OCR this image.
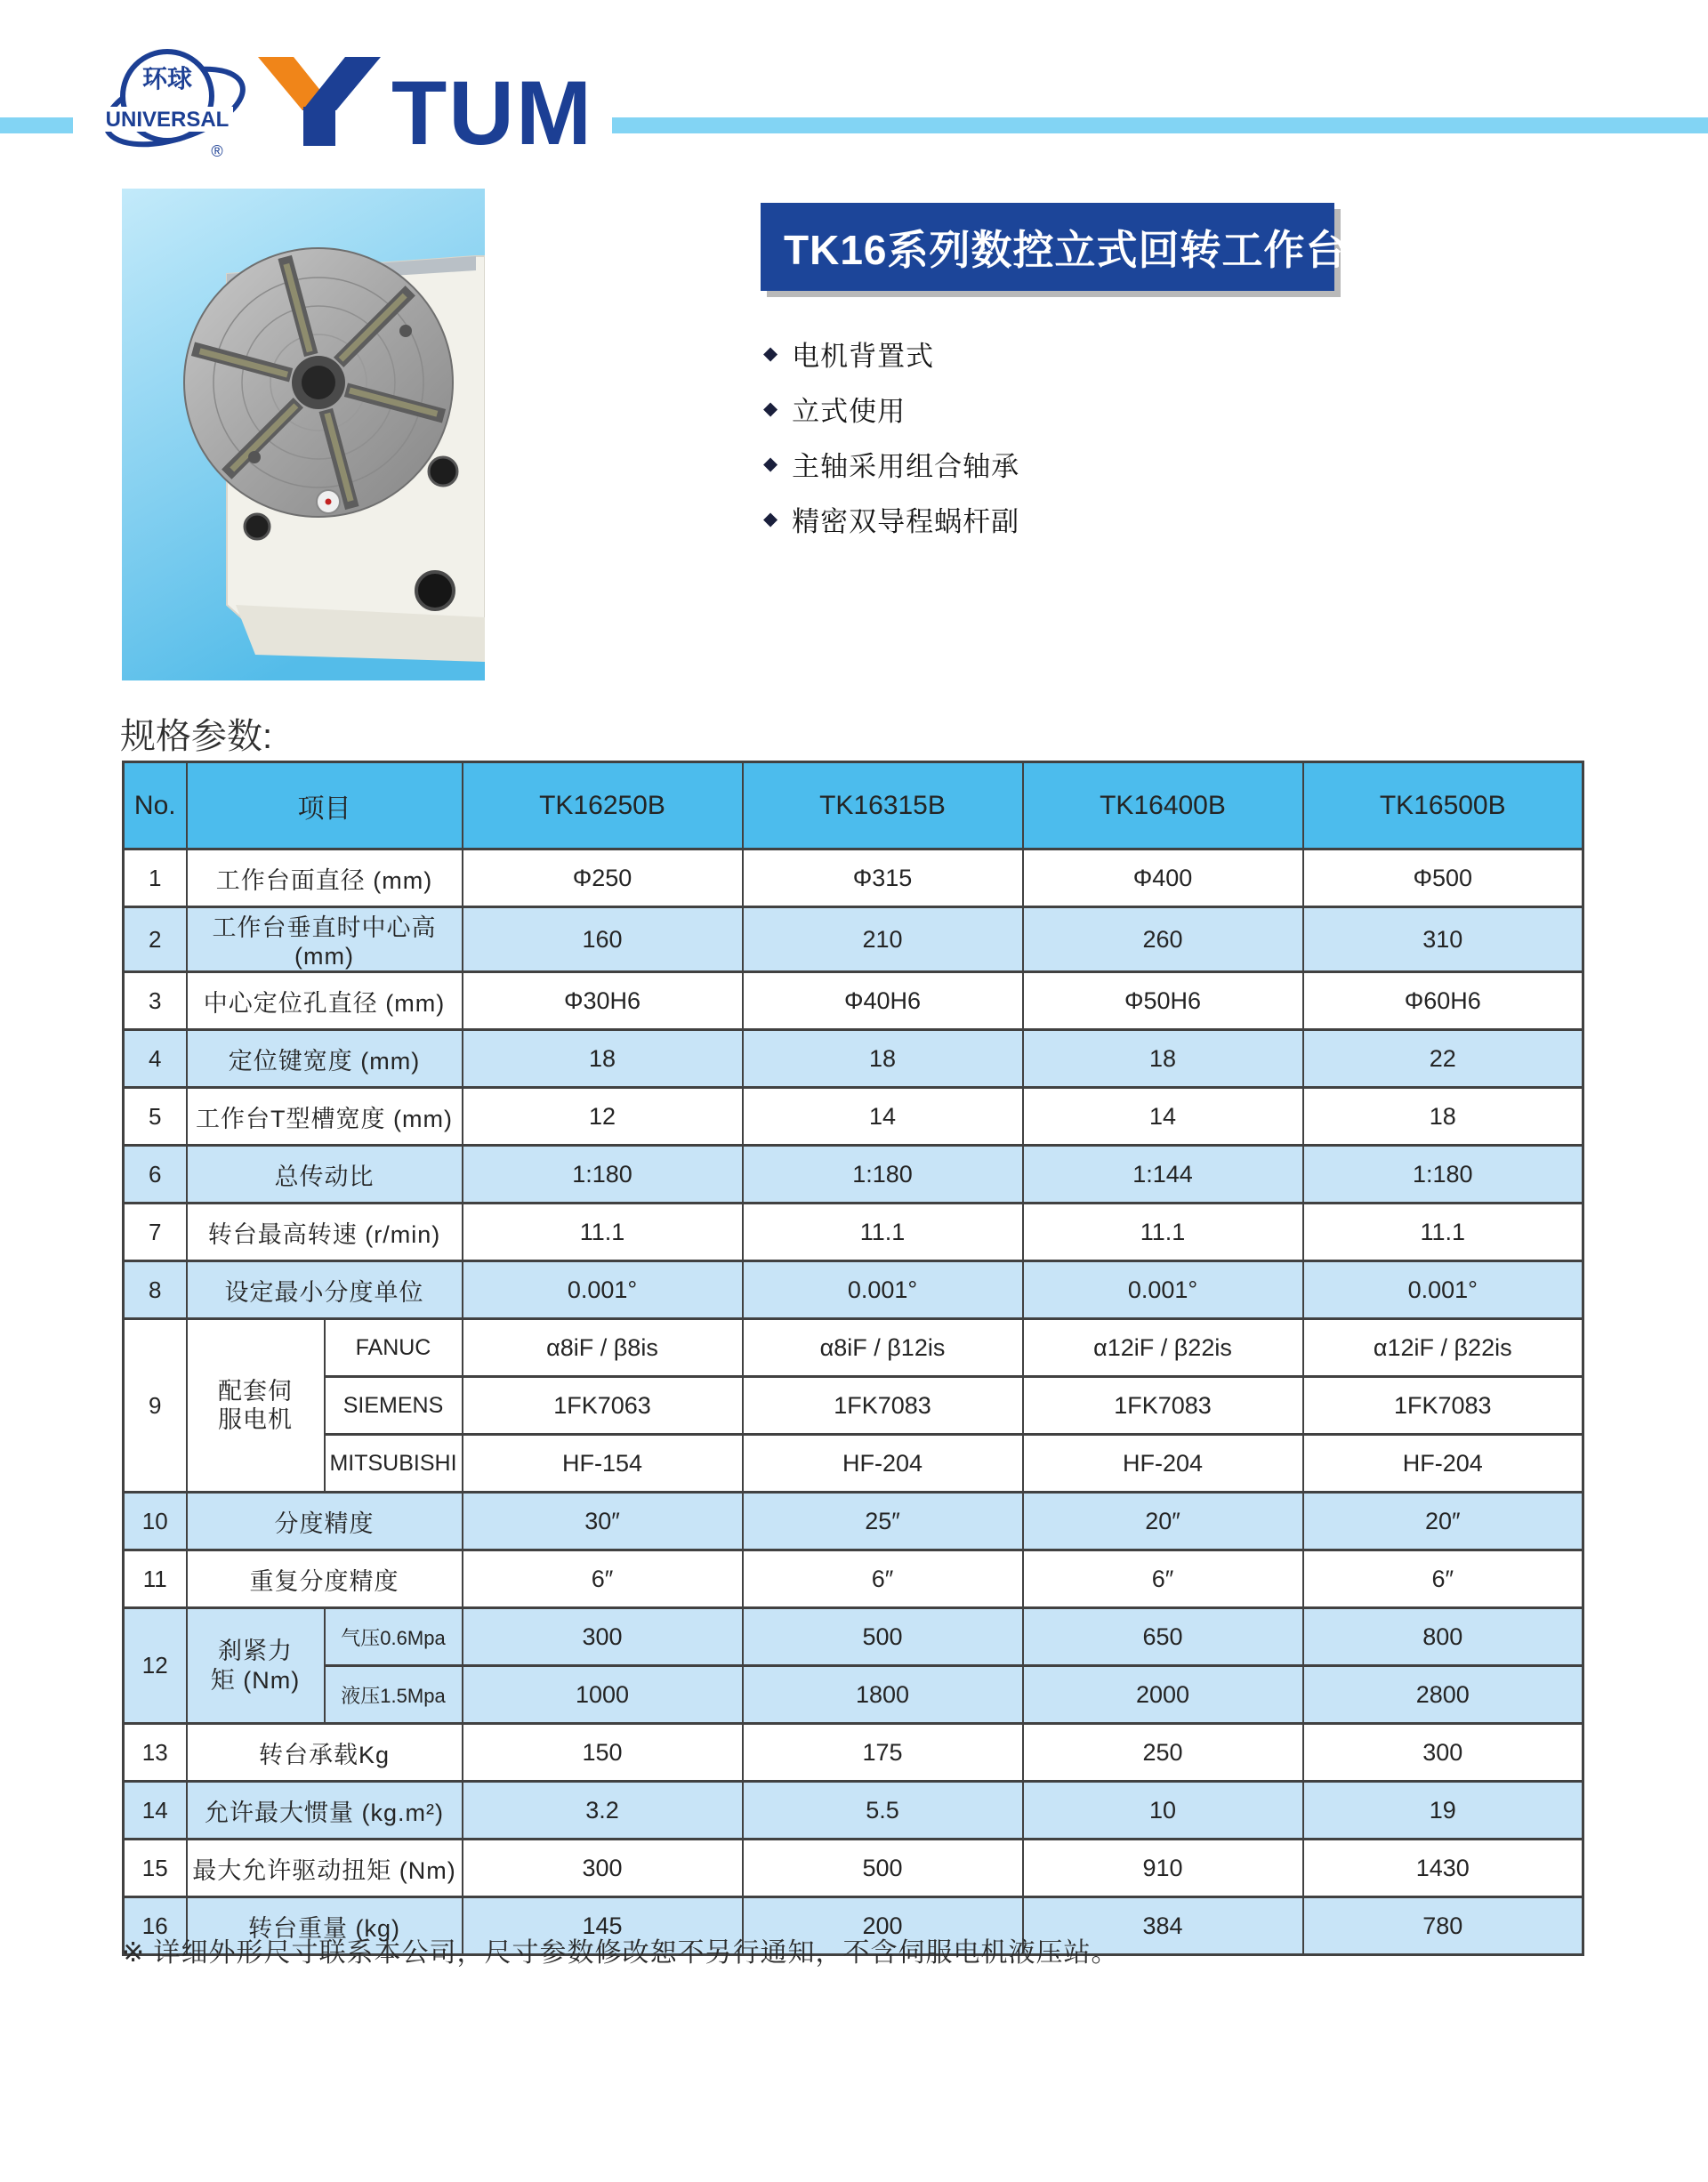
环球
UNIVERSAL
® TUM
TK16系列数控立式回转工作台
◆ 电机背置式
◆ 立式使用
◆ 主轴采用组合轴承
◆ 精密双导程蜗杆副
规格参数:
No.	项目		TK16250B	TK16315B	TK16400B	TK16500B
1	工作台面直径 (mm)		Φ250	Φ315	Φ400	Φ500
2	工作台垂直时中心高 (mm)		160	210	260	310
3	中心定位孔直径 (mm)		Φ30H6	Φ40H6	Φ50H6	Φ60H6
4	定位键宽度 (mm)		18	18	18	22
5	工作台T型槽宽度 (mm)		12	14	14	18
6	总传动比		1:180	1:180	1:144	1:180
7	转台最高转速 (r/min)		11.1	11.1	11.1	11.1
8	设定最小分度单位		0.001°	0.001°	0.001°	0.001°
9	配套伺服电机	FANUC	α8iF / β8is	α8iF / β12is	α12iF / β22is	α12iF / β22is
		SIEMENS	1FK7063	1FK7083	1FK7083	1FK7083
		MITSUBISHI	HF-154	HF-204	HF-204	HF-204
10	分度精度		30″	25″	20″	20″
11	重复分度精度		6″	6″	6″	6″
12	刹紧力矩 (Nm)	气压0.6Mpa	300	500	650	800
		液压1.5Mpa	1000	1800	2000	2800
13	转台承载Kg		150	175	250	300
14	允许最大惯量 (kg.m²)		3.2	5.5	10	19
15	最大允许驱动扭矩 (Nm)		300	500	910	1430
16	转台重量 (kg)		145	200	384	780
※ 详细外形尺寸联系本公司，尺寸参数修改恕不另行通知，不含伺服电机液压站。
